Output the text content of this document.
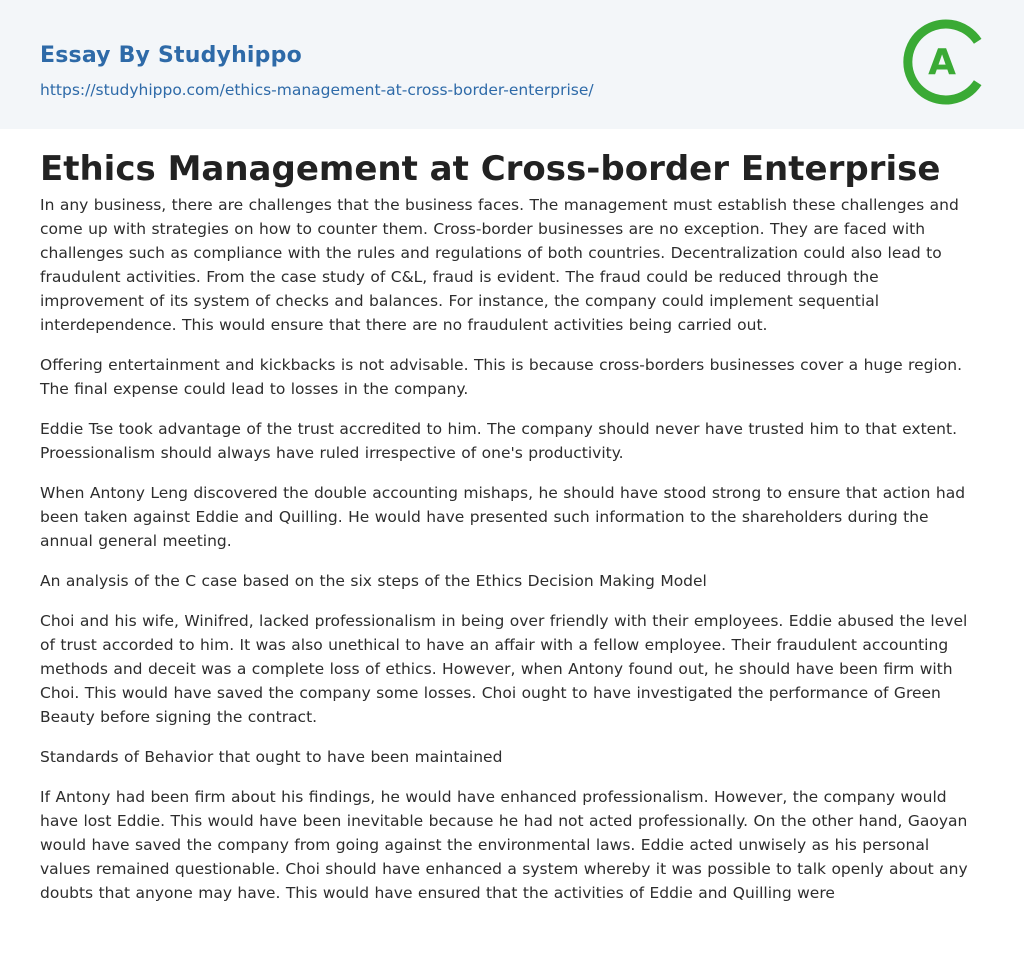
Essay By Studyhippo
https://studyhippo.com/ethics-management-at-cross-border-enterprise/
A
Ethics Management at Cross-border Enterprise

In any business, there are challenges that the business faces. The management must establish these challenges and come up with strategies on how to counter them. Cross-border businesses are no exception. They are faced with challenges such as compliance with the rules and regulations of both countries. Decentralization could also lead to fraudulent activities. From the case study of C&L, fraud is evident. The fraud could be reduced through the improvement of its system of checks and balances. For instance, the company could implement sequential interdependence. This would ensure that there are no fraudulent activities being carried out.

Offering entertainment and kickbacks is not advisable. This is because cross-borders businesses cover a huge region. The final expense could lead to losses in the company.

Eddie Tse took advantage of the trust accredited to him. The company should never have trusted him to that extent. Proessionalism should always have ruled irrespective of one's productivity.

When Antony Leng discovered the double accounting mishaps, he should have stood strong to ensure that action had been taken against Eddie and Quilling. He would have presented such information to the shareholders during the annual general meeting.

An analysis of the C case based on the six steps of the Ethics Decision Making Model

Choi and his wife, Winifred, lacked professionalism in being over friendly with their employees. Eddie abused the level of trust accorded to him. It was also unethical to have an affair with a fellow employee. Their fraudulent accounting methods and deceit was a complete loss of ethics. However, when Antony found out, he should have been firm with Choi. This would have saved the company some losses. Choi ought to have investigated the performance of Green Beauty before signing the contract.

Standards of Behavior that ought to have been maintained

If Antony had been firm about his findings, he would have enhanced professionalism. However, the company would have lost Eddie. This would have been inevitable because he had not acted professionally. On the other hand, Gaoyan would have saved the company from going against the environmental laws. Eddie acted unwisely as his personal values remained questionable. Choi should have enhanced a system whereby it was possible to talk openly about any doubts that anyone may have. This would have ensured that the activities of Eddie and Quilling were
